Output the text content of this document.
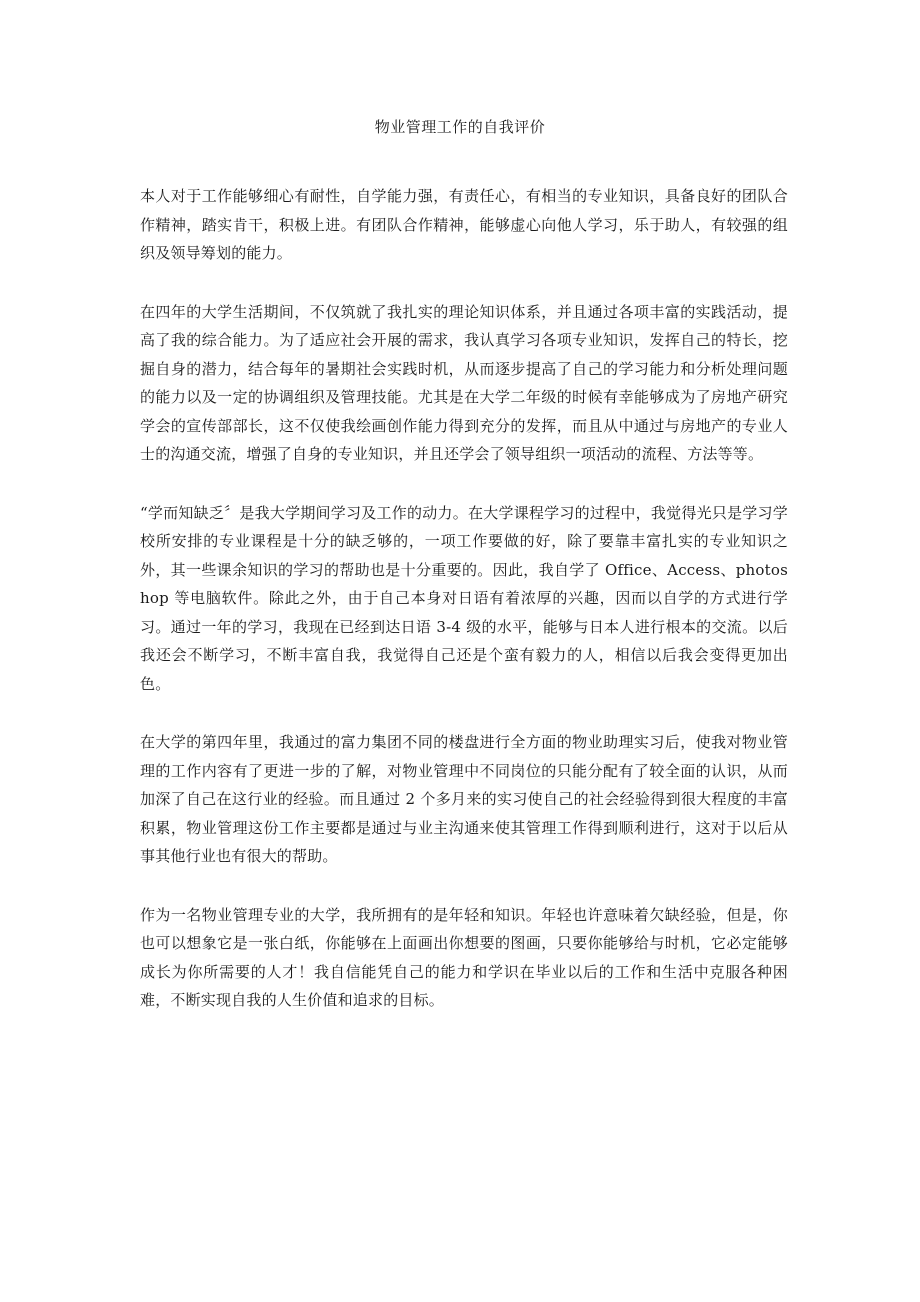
物业管理工作的自我评价

本人对于工作能够细心有耐性，自学能力强，有责任心，有相当的专业知识，具备良好的团队合作精神，踏实肯干，积极上进。有团队合作精神，能够虚心向他人学习，乐于助人，有较强的组织及领导筹划的能力。

在四年的大学生活期间，不仅筑就了我扎实的理论知识体系，并且通过各项丰富的实践活动，提高了我的综合能力。为了适应社会开展的需求，我认真学习各项专业知识，发挥自己的特长，挖掘自身的潜力，结合每年的暑期社会实践时机，从而逐步提高了自己的学习能力和分析处理问题的能力以及一定的协调组织及管理技能。尤其是在大学二年级的时候有幸能够成为了房地产研究学会的宣传部部长，这不仅使我绘画创作能力得到充分的发挥，而且从中通过与房地产的专业人士的沟通交流，增强了自身的专业知识，并且还学会了领导组织一项活动的流程、方法等等。

“学而知缺乏〞是我大学期间学习及工作的动力。在大学课程学习的过程中，我觉得光只是学习学校所安排的专业课程是十分的缺乏够的，一项工作要做的好，除了要靠丰富扎实的专业知识之外，其一些课余知识的学习的帮助也是十分重要的。因此，我自学了 Office、Access、photoshop 等电脑软件。除此之外，由于自己本身对日语有着浓厚的兴趣，因而以自学的方式进行学习。通过一年的学习，我现在已经到达日语 3-4 级的水平，能够与日本人进行根本的交流。以后我还会不断学习，不断丰富自我，我觉得自己还是个蛮有毅力的人，相信以后我会变得更加出色。

在大学的第四年里，我通过的富力集团不同的楼盘进行全方面的物业助理实习后，使我对物业管理的工作内容有了更进一步的了解，对物业管理中不同岗位的只能分配有了较全面的认识，从而加深了自己在这行业的经验。而且通过 2 个多月来的实习使自己的社会经验得到很大程度的丰富积累，物业管理这份工作主要都是通过与业主沟通来使其管理工作得到顺利进行，这对于以后从事其他行业也有很大的帮助。

作为一名物业管理专业的大学，我所拥有的是年轻和知识。年轻也许意味着欠缺经验，但是，你也可以想象它是一张白纸，你能够在上面画出你想要的图画，只要你能够给与时机，它必定能够成长为你所需要的人才！我自信能凭自己的能力和学识在毕业以后的工作和生活中克服各种困难，不断实现自我的人生价值和追求的目标。
